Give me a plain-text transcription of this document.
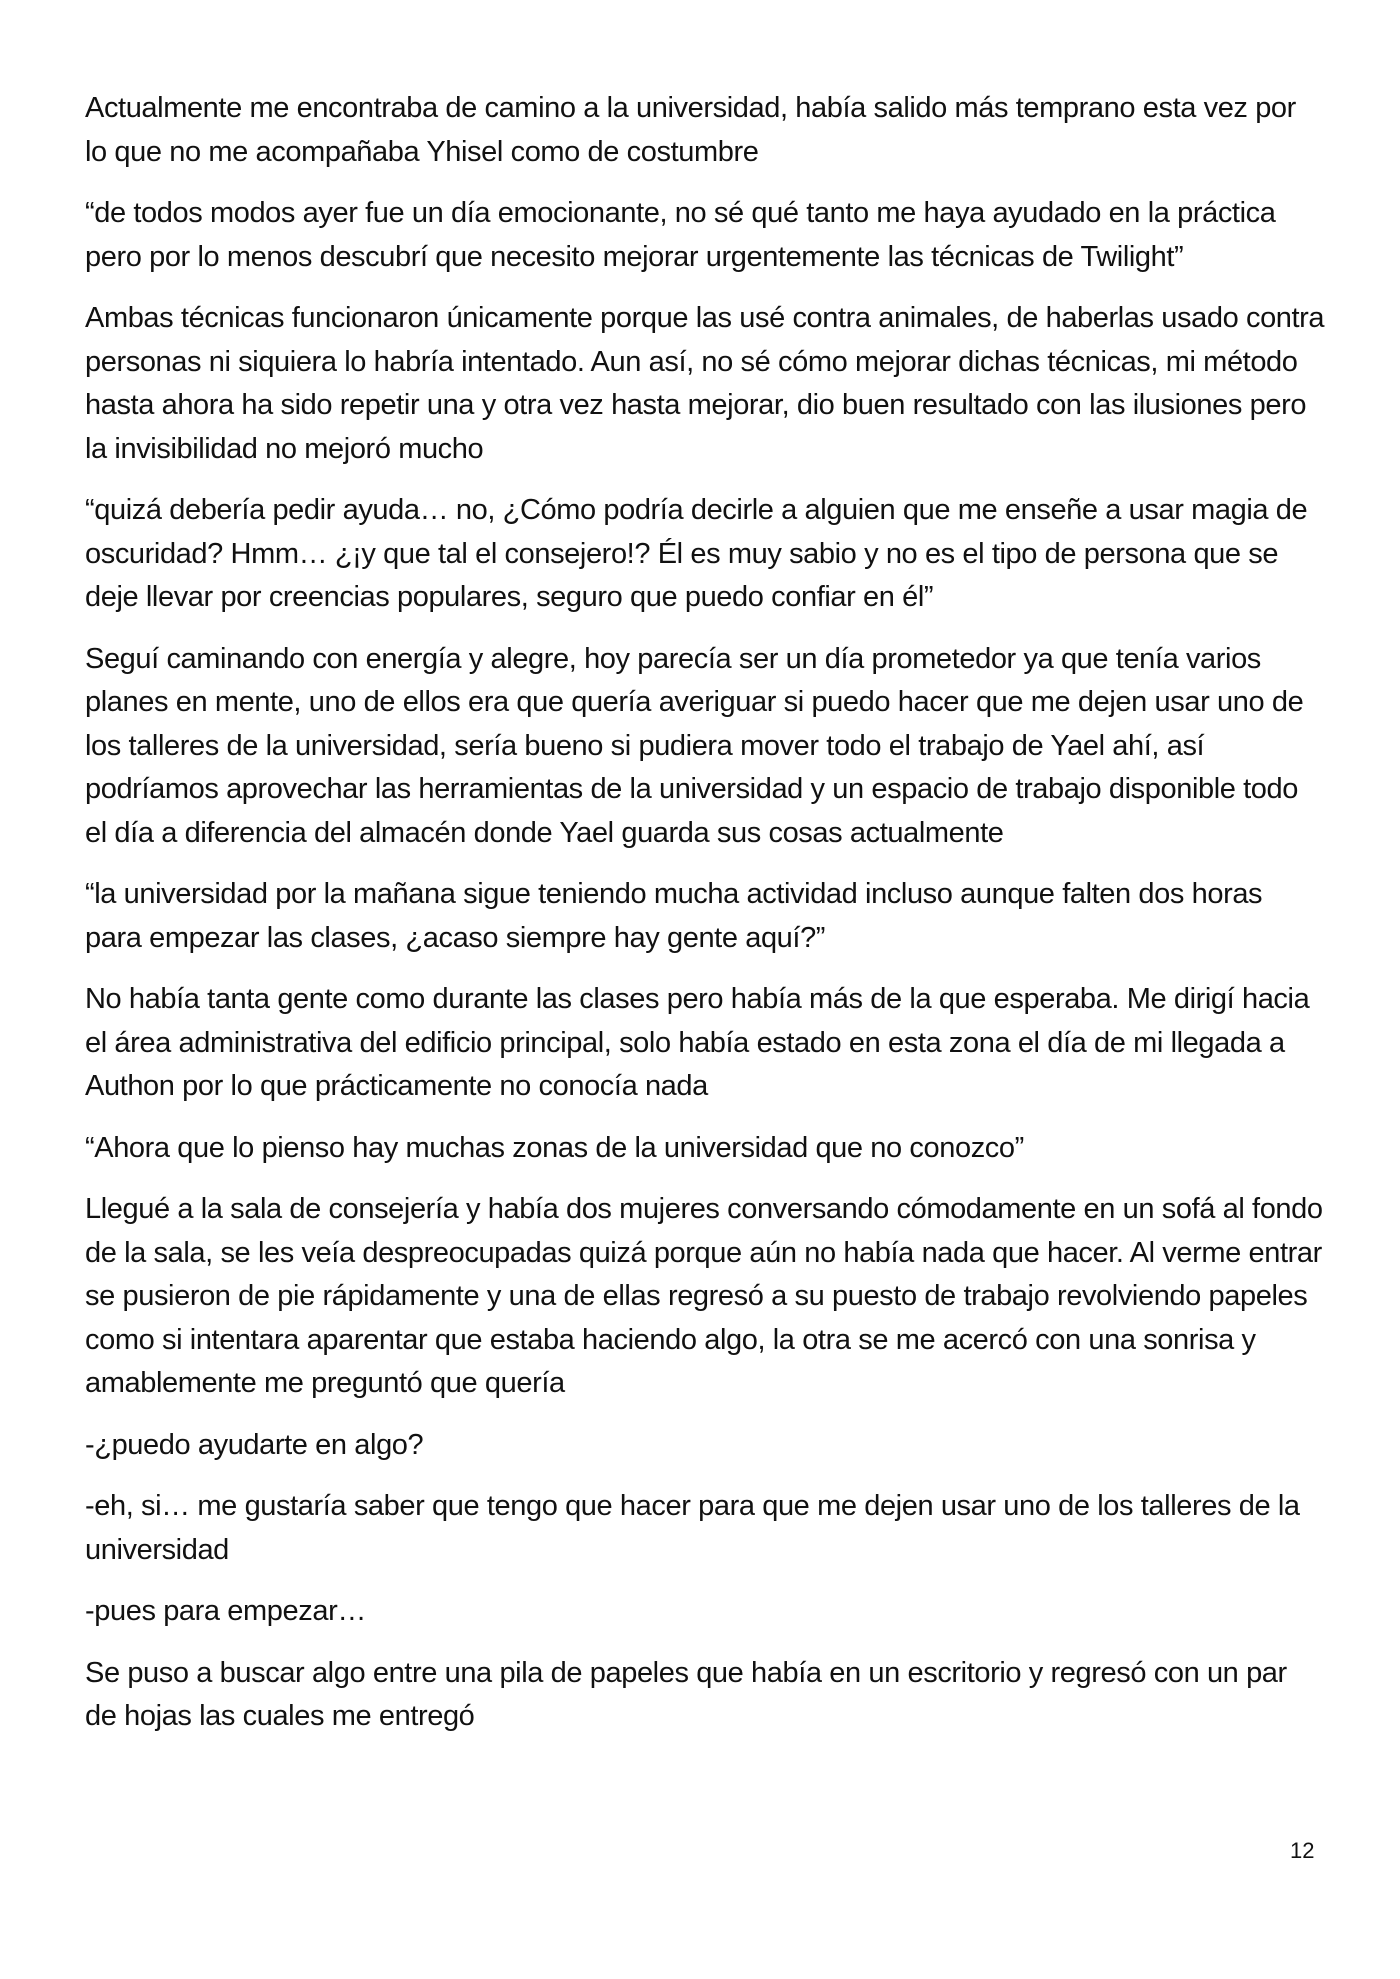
Actualmente me encontraba de camino a la universidad, había salido más temprano esta vez por lo que no me acompañaba Yhisel como de costumbre

“de todos modos ayer fue un día emocionante, no sé qué tanto me haya ayudado en la práctica pero por lo menos descubrí que necesito mejorar urgentemente las técnicas de Twilight”

Ambas técnicas funcionaron únicamente porque las usé contra animales, de haberlas usado contra personas ni siquiera lo habría intentado. Aun así, no sé cómo mejorar dichas técnicas, mi método hasta ahora ha sido repetir una y otra vez hasta mejorar, dio buen resultado con las ilusiones pero la invisibilidad no mejoró mucho

“quizá debería pedir ayuda… no, ¿Cómo podría decirle a alguien que me enseñe a usar magia de oscuridad? Hmm… ¿¡y que tal el consejero!? Él es muy sabio y no es el tipo de persona que se deje llevar por creencias populares, seguro que puedo confiar en él”

Seguí caminando con energía y alegre, hoy parecía ser un día prometedor ya que tenía varios planes en mente, uno de ellos era que quería averiguar si puedo hacer que me dejen usar uno de los talleres de la universidad, sería bueno si pudiera mover todo el trabajo de Yael ahí, así podríamos aprovechar las herramientas de la universidad y un espacio de trabajo disponible todo el día a diferencia del almacén donde Yael guarda sus cosas actualmente

“la universidad por la mañana sigue teniendo mucha actividad incluso aunque falten dos horas para empezar las clases, ¿acaso siempre hay gente aquí?”

No había tanta gente como durante las clases pero había más de la que esperaba. Me dirigí hacia el área administrativa del edificio principal, solo había estado en esta zona el día de mi llegada a Authon por lo que prácticamente no conocía nada

“Ahora que lo pienso hay muchas zonas de la universidad que no conozco”

Llegué a la sala de consejería y había dos mujeres conversando cómodamente en un sofá al fondo de la sala, se les veía despreocupadas quizá porque aún no había nada que hacer. Al verme entrar se pusieron de pie rápidamente y una de ellas regresó a su puesto de trabajo revolviendo papeles como si intentara aparentar que estaba haciendo algo, la otra se me acercó con una sonrisa y amablemente me preguntó que quería

-¿puedo ayudarte en algo?

-eh, si… me gustaría saber que tengo que hacer para que me dejen usar uno de los talleres de la universidad

-pues para empezar…

Se puso a buscar algo entre una pila de papeles que había en un escritorio y regresó con un par de hojas las cuales me entregó

12
